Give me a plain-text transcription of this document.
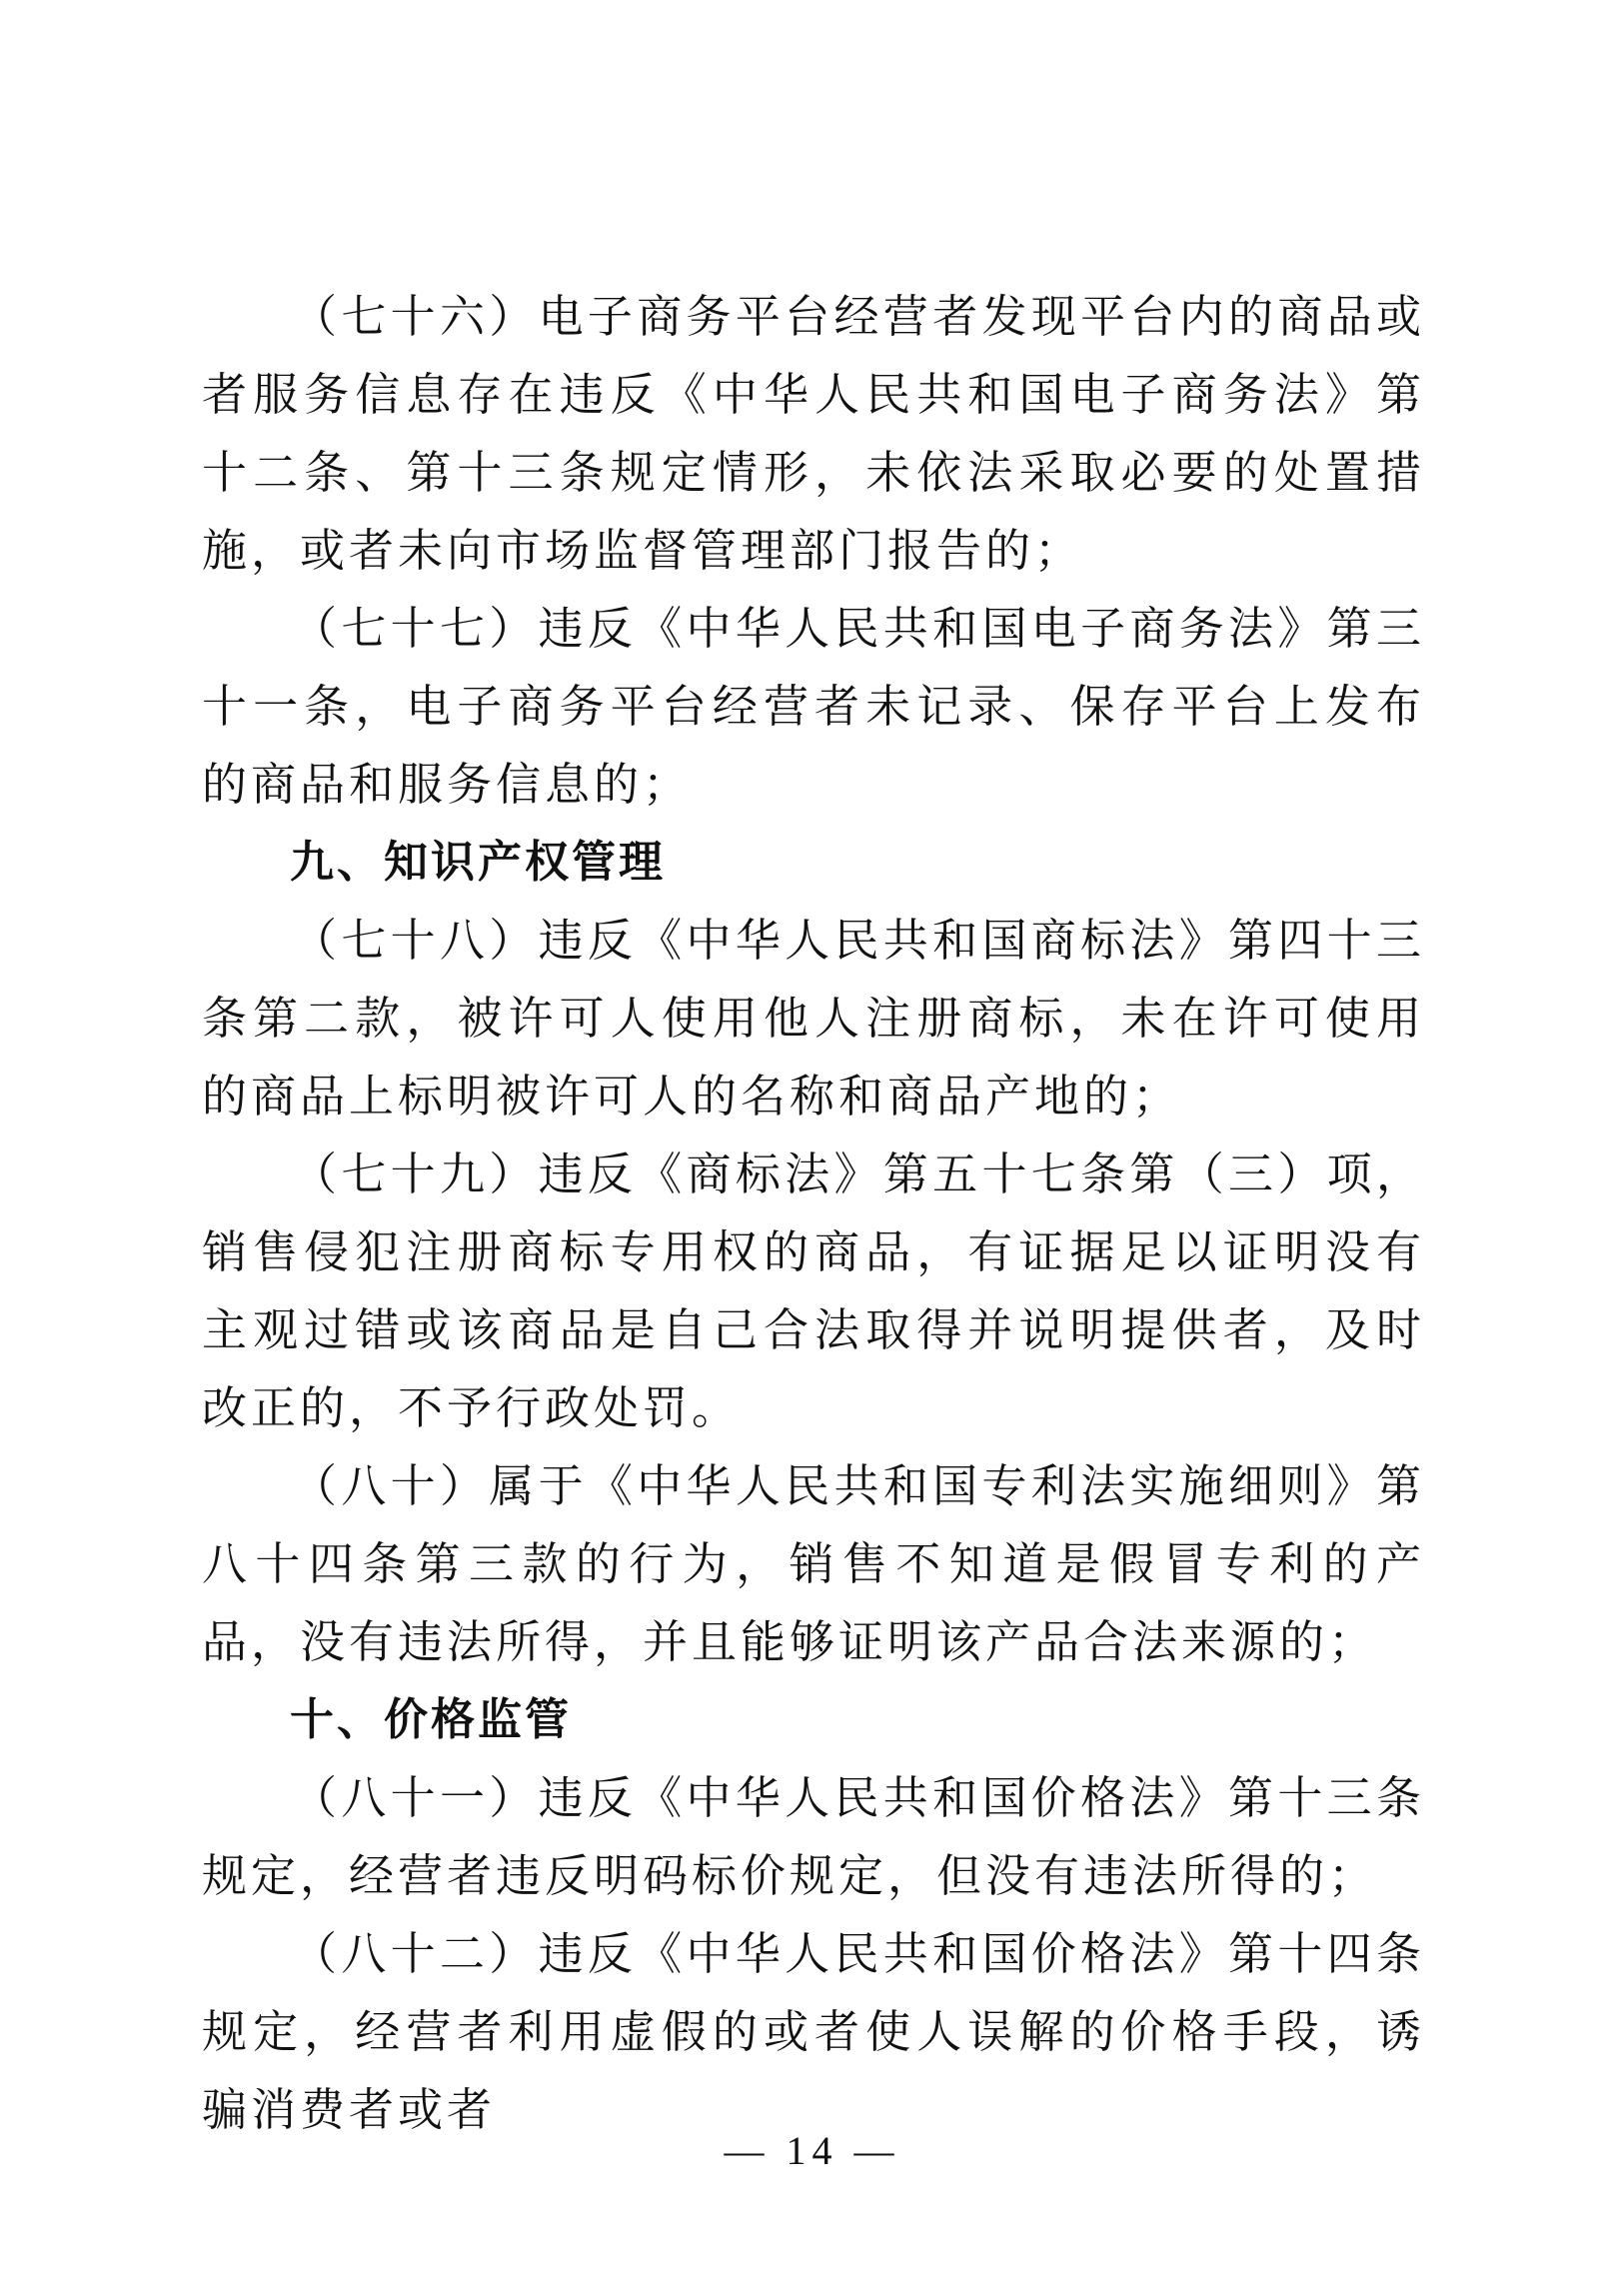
（七十六）电子商务平台经营者发现平台内的商品或者服务信息存在违反《中华人民共和国电子商务法》第十二条、第十三条规定情形，未依法采取必要的处置措施，或者未向市场监督管理部门报告的；

（七十七）违反《中华人民共和国电子商务法》第三十一条，电子商务平台经营者未记录、保存平台上发布的商品和服务信息的；

九、知识产权管理

（七十八）违反《中华人民共和国商标法》第四十三条第二款，被许可人使用他人注册商标，未在许可使用的商品上标明被许可人的名称和商品产地的；

（七十九）违反《商标法》第五十七条第（三）项，销售侵犯注册商标专用权的商品，有证据足以证明没有主观过错或该商品是自己合法取得并说明提供者，及时改正的，不予行政处罚。

（八十）属于《中华人民共和国专利法实施细则》第八十四条第三款的行为，销售不知道是假冒专利的产品，没有违法所得，并且能够证明该产品合法来源的；

十、价格监管

（八十一）违反《中华人民共和国价格法》第十三条规定，经营者违反明码标价规定，但没有违法所得的；

（八十二）违反《中华人民共和国价格法》第十四条规定，经营者利用虚假的或者使人误解的价格手段，诱骗消费者或者

— 14 —
